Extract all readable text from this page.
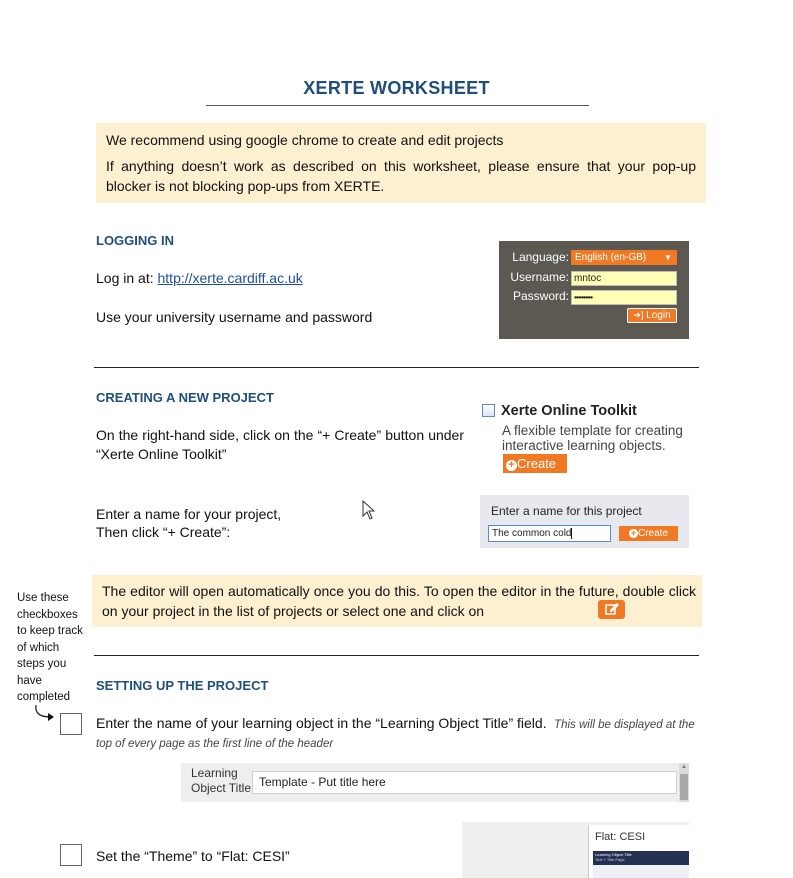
XERTE WORKSHEET
We recommend using google chrome to create and edit projects
If anything doesn’t work as described on this worksheet, please ensure that your pop-up blocker is not blocking pop-ups from XERTE.
LOGGING IN
Log in at: http://xerte.cardiff.ac.uk
Use your university username and password
Language: English (en-GB) ▼
Username: mntoc
Password: ••••••••••
➜] Login
CREATING A NEW PROJECT
On the right-hand side, click on the “+ Create” button under “Xerte Online Toolkit”
Xerte Online Toolkit
A flexible template for creating interactive learning objects.
+ Create
Enter a name for your project,
Then click “+ Create”:
Enter a name for this project
The common cold	+ Create
The editor will open automatically once you do this. To open the editor in the future, double click on your project in the list of projects or select one and click on
Use these checkboxes to keep track of which steps you have completed
SETTING UP THE PROJECT
Enter the name of your learning object in the “Learning Object Title” field. This will be displayed at the top of every page as the first line of the header
Learning Object Title Template - Put title here
▲
Set the “Theme” to “Flat: CESI”
Flat: CESI
Learning Object Title
Text + Title Page
